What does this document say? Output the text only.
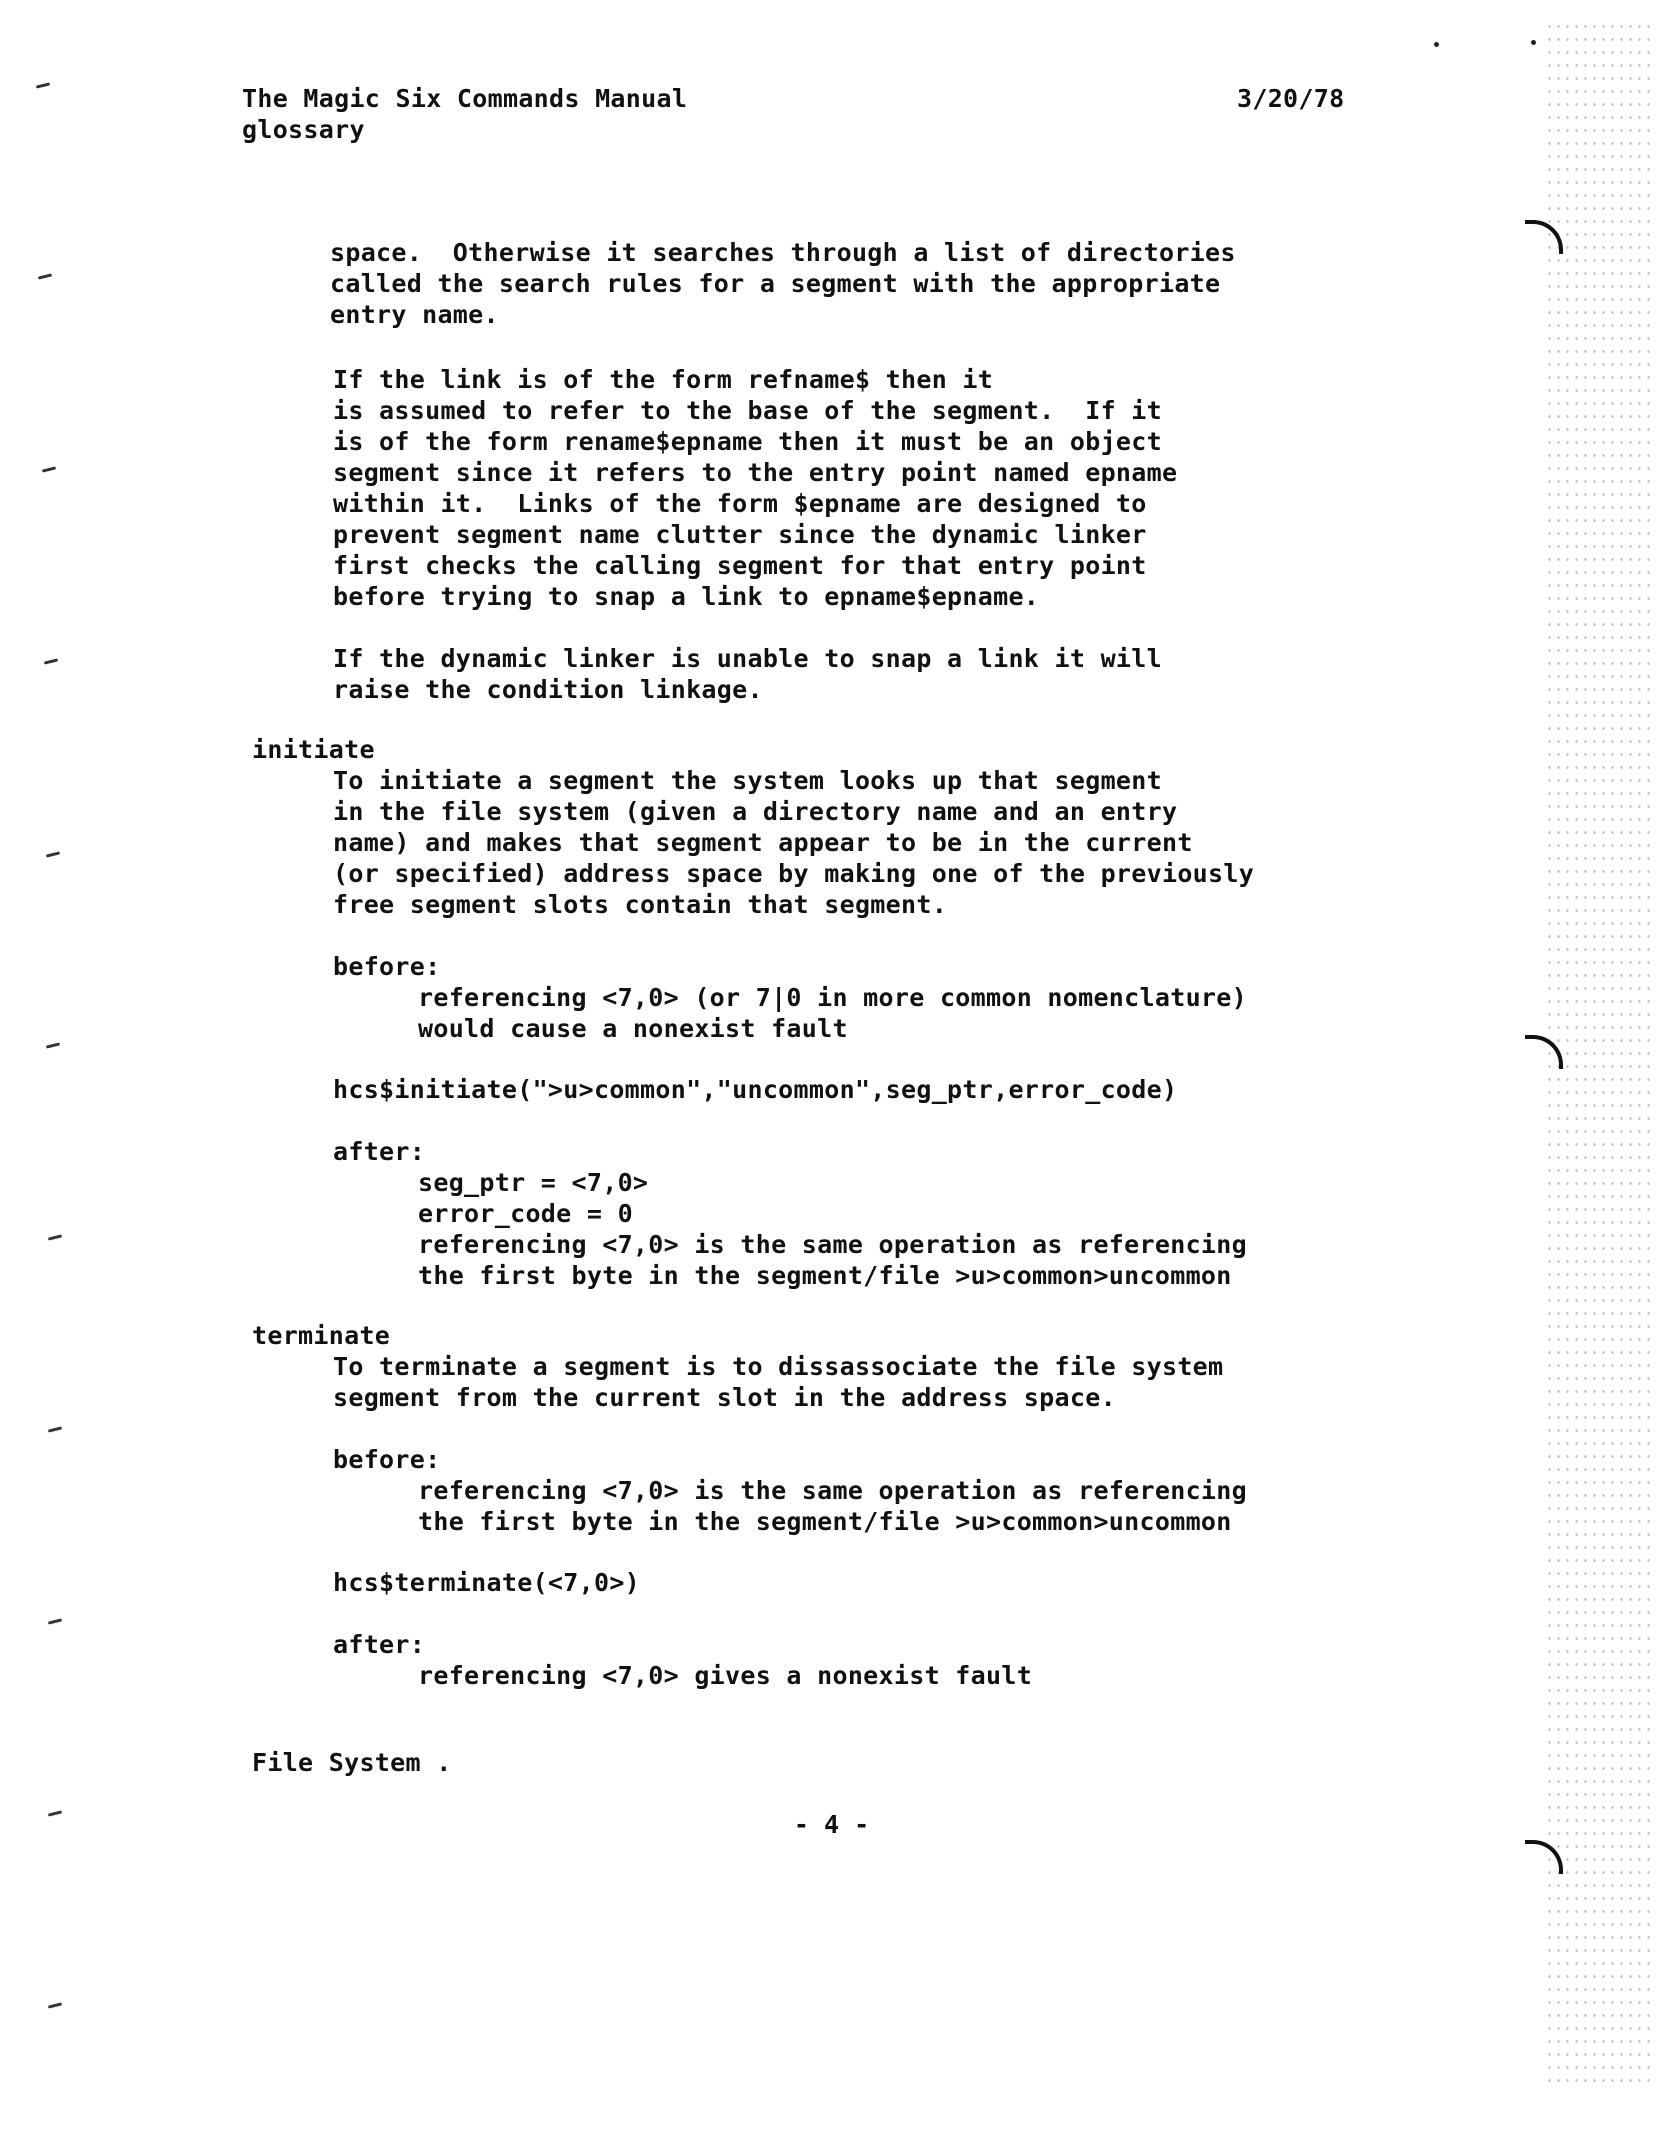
The Magic Six Commands Manual	3/20/78
glossary
space.  Otherwise it searches through a list of directories
called the search rules for a segment with the appropriate
entry name.
If the link is of the form refname$ then it
is assumed to refer to the base of the segment.  If it
is of the form rename$epname then it must be an object
segment since it refers to the entry point named epname
within it.  Links of the form $epname are designed to
prevent segment name clutter since the dynamic linker
first checks the calling segment for that entry point
before trying to snap a link to epname$epname.
If the dynamic linker is unable to snap a link it will
raise the condition linkage.
initiate
To initiate a segment the system looks up that segment
in the file system (given a directory name and an entry
name) and makes that segment appear to be in the current
(or specified) address space by making one of the previously
free segment slots contain that segment.
before:
referencing <7,0> (or 7|0 in more common nomenclature)
would cause a nonexist fault
hcs$initiate(">u>common","uncommon",seg_ptr,error_code)
after:
seg_ptr = <7,0>
error_code = 0
referencing <7,0> is the same operation as referencing
the first byte in the segment/file >u>common>uncommon
terminate
To terminate a segment is to dissassociate the file system
segment from the current slot in the address space.
before:
referencing <7,0> is the same operation as referencing
the first byte in the segment/file >u>common>uncommon
hcs$terminate(<7,0>)
after:
referencing <7,0> gives a nonexist fault
File System .
- 4 -
